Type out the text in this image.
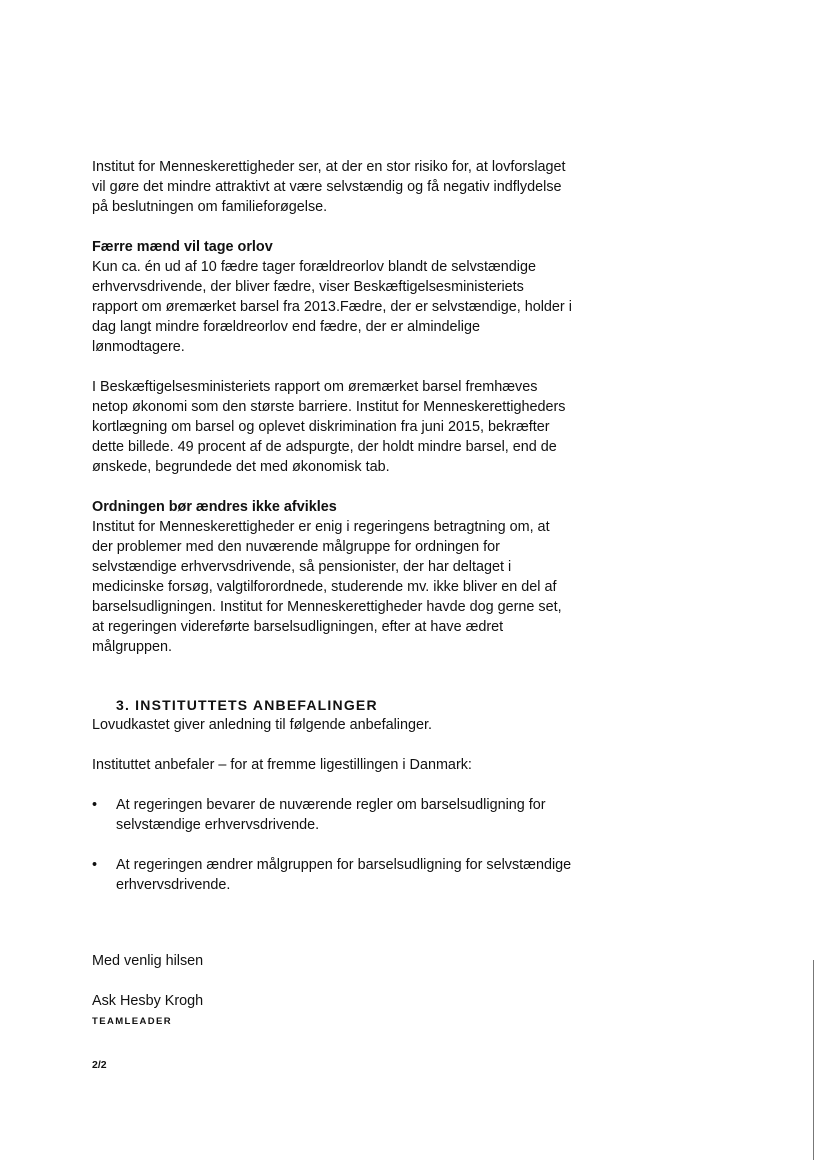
Institut for Menneskerettigheder ser, at der en stor risiko for, at lovforslaget vil gøre det mindre attraktivt at være selvstændig og få negativ indflydelse på beslutningen om familieforøgelse.

Færre mænd vil tage orlov

Kun ca. én ud af 10 fædre tager forældreorlov blandt de selvstændige erhvervsdrivende, der bliver fædre, viser Beskæftigelsesministeriets rapport om øremærket barsel fra 2013.Fædre, der er selvstændige, holder i dag langt mindre forældreorlov end fædre, der er almindelige lønmodtagere.

I Beskæftigelsesministeriets rapport om øremærket barsel fremhæves netop økonomi som den største barriere. Institut for Menneskerettigheders kortlægning om barsel og oplevet diskrimination fra juni 2015, bekræfter dette billede. 49 procent af de adspurgte, der holdt mindre barsel, end de ønskede, begrundede det med økonomisk tab.

Ordningen bør ændres ikke afvikles

Institut for Menneskerettigheder er enig i regeringens betragtning om, at der problemer med den nuværende målgruppe for ordningen for selvstændige erhvervsdrivende, så pensionister, der har deltaget i medicinske forsøg, valgtilforordnede, studerende mv. ikke bliver en del af barselsudligningen. Institut for Menneskerettigheder havde dog gerne set, at regeringen videreførte barselsudligningen, efter at have ædret målgruppen.

3. INSTITUTTETS ANBEFALINGER

Lovudkastet giver anledning til følgende anbefalinger.

Instituttet anbefaler – for at fremme ligestillingen i Danmark:

• At regeringen bevarer de nuværende regler om barselsudligning for selvstændige erhvervsdrivende.
• At regeringen ændrer målgruppen for barselsudligning for selvstændige erhvervsdrivende.

Med venlig hilsen

Ask Hesby Krogh

TEAMLEADER

2/2
